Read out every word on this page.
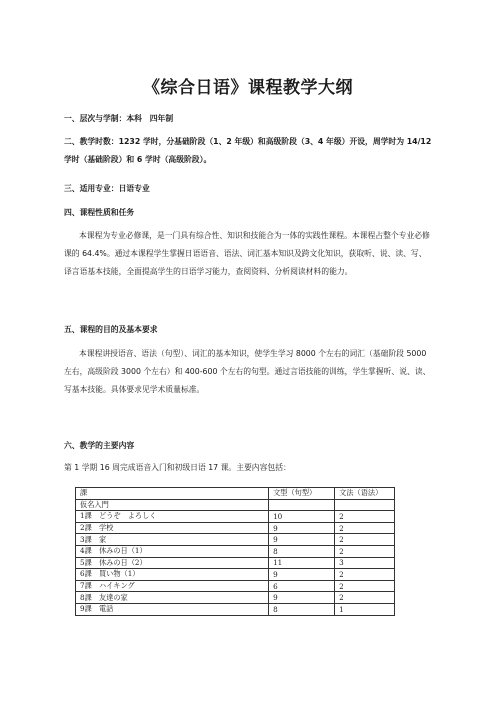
《综合日语》课程教学大纲

一、层次与学制：本科　四年制

二、教学时数：1232 学时，分基础阶段（1、2 年级）和高级阶段（3、4 年级）开设，周学时为 14/12 学时（基础阶段）和 6 学时（高级阶段）。

三、适用专业：日语专业

四、课程性质和任务

本课程为专业必修课，是一门具有综合性、知识和技能合为一体的实践性课程。本课程占整个专业必修课的 64.4%。通过本课程学生掌握日语语音、语法、词汇基本知识及跨文化知识，获取听、说、读、写、译言语基本技能，全面提高学生的日语学习能力，查阅资料、分析阅读材料的能力。

五、课程的目的及基本要求

本课程讲授语音、语法（句型）、词汇的基本知识，使学生学习 8000 个左右的词汇（基础阶段 5000 左右，高级阶段 3000 个左右）和 400-600 个左右的句型。通过言语技能的训练，学生掌握听、说、读、写基本技能。具体要求见学术质量标准。

六、教学的主要内容

第 1 学期 16 周完成语音入门和初级日语 17 课。主要内容包括：

課	文型（句型）	文法（语法）
仮名入門		
1課　どうぞ　よろしく	10	2
2課　学校	9	2
3課　家	9	2
4課　休みの日（1）	8	2
5課　休みの日（2）	11	3
6課　買い物（1）	9	2
7課　ハイキング	6	2
8課　友達の家	9	2
9課　電話	8	1
